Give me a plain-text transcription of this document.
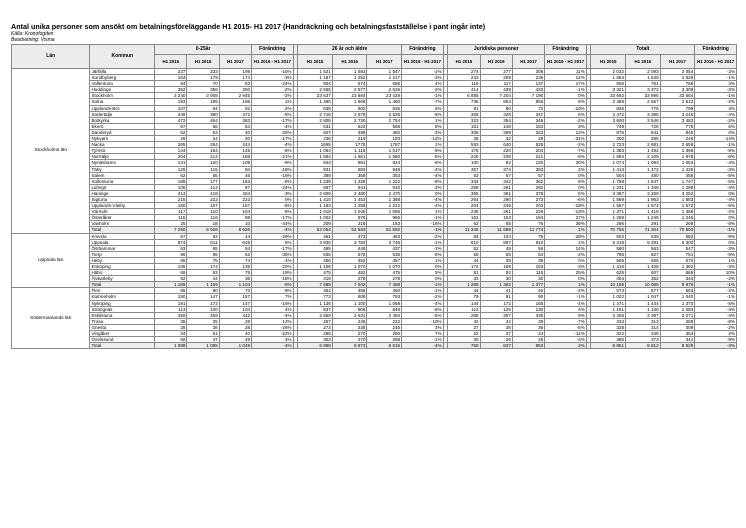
Antal unika personer som ansökt om betalningsföreläggande H1 2015- H1 2017 (Handräckning och betalningsfastställelse i pant ingår inte)
Källa: Kronofogden
Bearbetning: Visma
Län	Kommun	0-25år			Förändring		26 år och äldre			Förändring		Juridiska personer			Förändring		Totalt			Förändring
		H1 2015	H1 2016	H1 2017	H1 2016 - H1 2017		H1 2015	H1 2016	H1 2017	H1 2016 - H1 2017		H1 2015	H1 2016	H1 2017	H1 2016 - H1 2017		H1 2015	H1 2016	H1 2017	H1 2016 - H1 2017
Stockholms län	Järfälla	237	233	199	-15%		1 521	1 583	1 547	-2%		274	277	308	11%		2 032	2 093	2 054	-2%
	Sundbyberg	164	179	174	-3%		1 187	1 252	1 217	-3%		233	209	235	12%		1 584	1 640	1 626	-1%
	Vallentuna	84	70	53	-24%		604	574	596	4%		118	117	137	17%		806	761	786	3%
	Huddinge	352	356	350	-2%		2 555	2 577	2 526	-2%		414	439	433	-1%		3 321	3 372	3 309	-2%
	Stockholm	3 240	3 008	2 945	-2%		23 537	23 684	23 429	-1%		6 885	7 204	7 190	0%		33 662	33 896	33 564	-1%
	Solna	193	195	196	1%		1 460	1 568	1 460	-7%		736	804	856	6%		2 389	2 567	2 512	-2%
	Upplands-Bro	107	94	92	-2%		638	602	635	5%		91	80	72	-10%		836	776	799	3%
	Södertälje	449	390	372	-5%		2 718	2 679	2 526	-6%		305	326	347	6%		3 472	3 395	3 245	-4%
	Botkyrka	472	464	383	-17%		2 805	2 730	2 754	1%		323	354	346	-2%		3 600	3 548	3 483	-2%
	Ekerö	67	56	54	-4%		531	524	568	8%		151	148	153	3%		749	728	775	6%
	Danderyd	62	53	40	-25%		507	499	482	-3%		308	289	323	12%		875	841	845	0%
	Nykvarn	29	24	20	-17%		238	219	193	-12%		36	42	29	-31%		300	285	246	-14%
	Nacka	265	254	244	-4%		1865	1778	1787	1%		593	640	628	-2%		2 723	2 681	2 659	-1%
	Tyresö	144	154	145	-6%		1 064	1 118	1 017	-9%		175	220	204	-7%		1 383	1 492	1 366	-8%
	Norrtälje	204	212	168	-21%		1 564	1 661	1 580	-5%		226	236	221	-6%		1 994	2 109	1 975	-6%
	Nynäshamn	131	120	109	-9%		843	881	824	-6%		100	92	120	30%		1 074	1 093	1 053	-4%
	Täby	125	115	94	-18%		931	983	948	-4%		357	374	383	2%		1 413	1 472	1 425	-3%
	Salem	62	55	46	-16%		389	368	353	-4%		53	57	57	0%		504	480	456	-5%
	Sollentuna	186	177	163	-8%		1 238	1 328	1 222	-8%		334	342	362	6%		1 758	1 847	1 747	-5%
	Lidingö	106	114	87	-24%		867	941	910	-3%		258	291	292	0%		1 231	1 346	1 289	-4%
	Haninge	413	418	404	-3%		2 609	2 480	2 470	0%		365	361	378	5%		3 387	3 259	3 252	0%
	Sigtuna	215	222	222	0%		1 410	1 453	1 388	-4%		264	290	273	-6%		1 889	1 963	1 883	-4%
	Upplands-Väsby	180	167	157	-6%		1 183	1 258	1 212	-4%		204	249	203	-18%		1 567	1 674	1 572	-6%
	Värmdö	117	110	104	-5%		1 018	1 045	1 056	1%		236	261	226	-13%		1 371	1 416	1 386	-2%
	Österåker	115	116	98	-17%		1 002	976	966	-1%		152	153	194	27%		1 269	1 245	1 246	0%
	Vaxholm	25	18	10	-44%		209	218	183	-16%		62	55	76	38%		296	291	269	-8%
	Total	7 290	6 926	6 626	-4%		52 054	52 583	51 592	-1%		11 346	11 699	11 774	1%		70 755	71 304	70 503	-1%
Uppsala län	Knivsta	57	62	44	-29%		461	473	463	-2%		84	104	75	-28%		602	639	582	-9%
	Uppsala	674	611	645	6%		3 835	3 783	3 745	-1%		810	897	910	1%		5 319	5 291	5 300	0%
	Östhammar	63	65	54	-17%		465	449	437	-3%		52	49	56	14%		580	563	547	-3%
	Tierp	95	96	62	-35%		635	676	635	-6%		56	55	54	-2%		786	827	751	-9%
	Heby	65	75	74	-1%		456	452	457	1%		44	39	39	0%		565	566	570	1%
	Enköping	136	174	139	-20%		1 106	1 070	1 070	0%		174	158	153	-3%		1 416	1 408	1 362	-3%
	Håbo	69	63	75	19%		475	452	475	5%		81	92	115	25%		625	607	665	10%
	Älvkarleby	52	44	36	-18%		319	278	278	0%		33	30	30	0%		404	352	344	-2%
	Total	1 189	1 159	1 104	-5%		7 689	7 542	7 488	-1%		1 289	1 362	1 377	1%		10 155	10 065	9 979	-1%
Södermanlands län	Flen	65	80	73	-9%		464	456	450	-1%		44	41	40	-2%		573	577	563	-2%
	Katrineholm	150	147	157	7%		773	809	793	-2%		79	91	90	-1%		1 002	1 047	1 040	-1%
	Nyköping	191	172	147	-15%		1 136	1 100	1 058	-4%		144	172	165	-4%		1 471	1 444	1 370	-5%
	Strängnäs	113	100	104	4%		937	905	849	-6%		113	125	130	4%		1 161	1 130	1 083	-4%
	Eskilstuna	459	459	442	-4%		2 659	2 631	2 494	-5%		288	307	335	9%		3 406	3 397	3 271	-4%
	Trosa	35	25	28	12%		257	246	222	-10%		42	42	39	-7%		334	313	289	-8%
	Gnesta	28	38	28	-26%		273	238	245	3%		27	38	36	-5%		328	314	309	-2%
	Vingåker	34	51	40	-22%		266	270	290	7%		22	27	24	-11%		322	348	354	2%
	Oxelösund	56	47	49	4%		303	270	268	-1%		30	26	25	-4%		385	373	341	-9%
	Total	1 089	1 095	1 049	-4%		6 998	6 873	6 615	-4%		750	837	853	2%		8 851	8 812	8 529	-3%
